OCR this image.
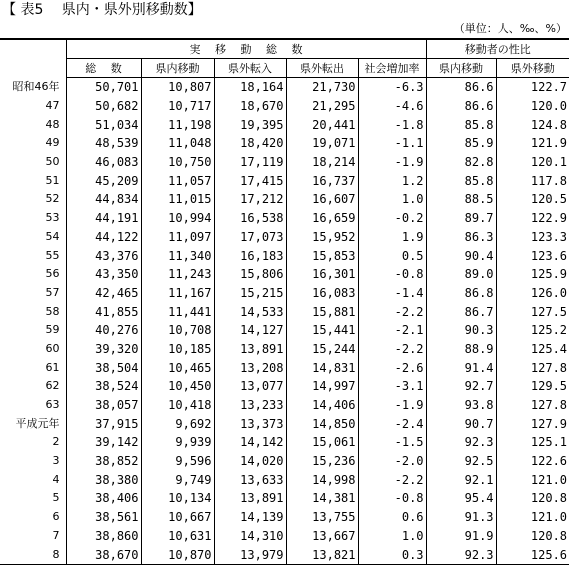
【 表5　 県内・県外別移動数】
（単位：人、‰、%）
	実　 移　 動　 総　 数					移動者の性比	
	総　 数	県内移動	県外転入	県外転出	社会増加率	県内移動	県外移動
昭和46年	50,701	10,807	18,164	21,730	-6.3	86.6	122.7
47	50,682	10,717	18,670	21,295	-4.6	86.6	120.0
48	51,034	11,198	19,395	20,441	-1.8	85.8	124.8
49	48,539	11,048	18,420	19,071	-1.1	85.9	121.9
50	46,083	10,750	17,119	18,214	-1.9	82.8	120.1
51	45,209	11,057	17,415	16,737	1.2	85.8	117.8
52	44,834	11,015	17,212	16,607	1.0	88.5	120.5
53	44,191	10,994	16,538	16,659	-0.2	89.7	122.9
54	44,122	11,097	17,073	15,952	1.9	86.3	123.3
55	43,376	11,340	16,183	15,853	0.5	90.4	123.6
56	43,350	11,243	15,806	16,301	-0.8	89.0	125.9
57	42,465	11,167	15,215	16,083	-1.4	86.8	126.0
58	41,855	11,441	14,533	15,881	-2.2	86.7	127.5
59	40,276	10,708	14,127	15,441	-2.1	90.3	125.2
60	39,320	10,185	13,891	15,244	-2.2	88.9	125.4
61	38,504	10,465	13,208	14,831	-2.6	91.4	127.8
62	38,524	10,450	13,077	14,997	-3.1	92.7	129.5
63	38,057	10,418	13,233	14,406	-1.9	93.8	127.8
平成元年	37,915	9,692	13,373	14,850	-2.4	90.7	127.9
2	39,142	9,939	14,142	15,061	-1.5	92.3	125.1
3	38,852	9,596	14,020	15,236	-2.0	92.5	122.6
4	38,380	9,749	13,633	14,998	-2.2	92.1	121.0
5	38,406	10,134	13,891	14,381	-0.8	95.4	120.8
6	38,561	10,667	14,139	13,755	0.6	91.3	121.0
7	38,860	10,631	14,310	13,667	1.0	91.9	120.8
8	38,670	10,870	13,979	13,821	0.3	92.3	125.6
